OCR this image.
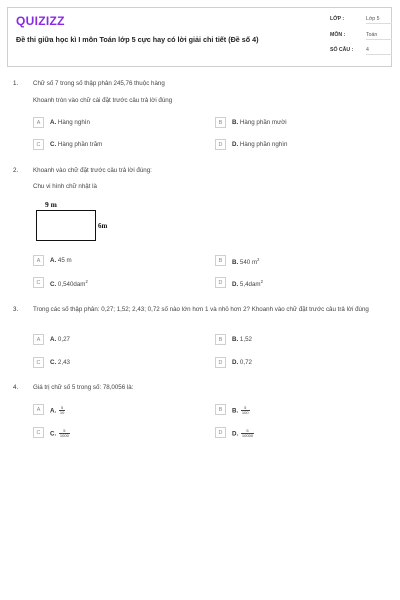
QUIZIZZ
Đề thi giữa học kì I môn Toán lớp 5 cực hay có lời giải chi tiết (Đề số 4)
LỚP :	Lớp 5
MÔN :	Toán
SỐ CÂU : 4
1. Chữ số 7 trong số thập phân 245,76 thuộc hàng
Khoanh tròn vào chữ cái đặt trước câu trả lời đúng
A	A. Hàng nghìn	B	B. Hàng phần mười
C	C. Hàng phần trăm	D	D. Hàng phần nghìn
2. Khoanh vào chữ đặt trước câu trả lời đúng:
Chu vi hình chữ nhật là
A	A. 45 m	B	B. 540 $m^2$
C	C. 0,540dam$^2$	D	D. 5,4dam$^2$
9 m
6m
3. Trong các số thập phân: 0,27; 1,52; 2,43; 0,72 số nào lớn hơn 1 và nhỏ hơn 2? Khoanh vào chữ đặt trước câu trả lời đúng
A	A. 0,27	B	B. 1,52
C	C. 2,43	D	D. 0,72
4. Giá trị chữ số 5 trong số: 78,0056 là:
A	A. $\frac{5}{10}$	B	B. $\frac{5}{100}$
C	C. $\frac{5}{1000}$	D	D. $\frac{5}{10000}$
